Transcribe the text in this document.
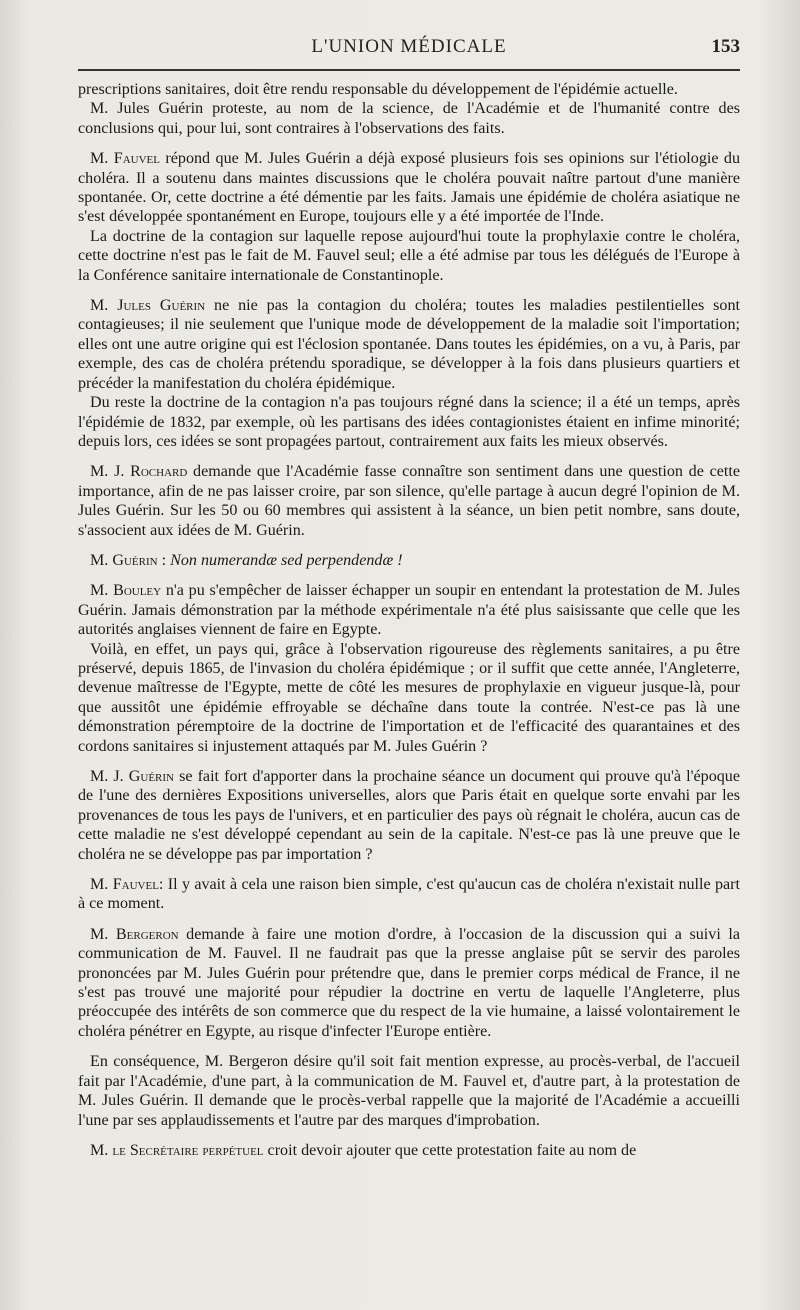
L'UNION MÉDICALE	153

prescriptions sanitaires, doit être rendu responsable du développement de l'épidémie actuelle.

M. Jules Guérin proteste, au nom de la science, de l'Académie et de l'humanité contre des conclusions qui, pour lui, sont contraires à l'observations des faits.

M. Fauvel répond que M. Jules Guérin a déjà exposé plusieurs fois ses opinions sur l'étiologie du choléra. Il a soutenu dans maintes discussions que le choléra pouvait naître partout d'une manière spontanée. Or, cette doctrine a été démentie par les faits. Jamais une épidémie de choléra asiatique ne s'est développée spontanément en Europe, toujours elle y a été importée de l'Inde.

La doctrine de la contagion sur laquelle repose aujourd'hui toute la prophylaxie contre le choléra, cette doctrine n'est pas le fait de M. Fauvel seul; elle a été admise par tous les délégués de l'Europe à la Conférence sanitaire internationale de Constantinople.

M. Jules Guérin ne nie pas la contagion du choléra; toutes les maladies pestilentielles sont contagieuses; il nie seulement que l'unique mode de développement de la maladie soit l'importation; elles ont une autre origine qui est l'éclosion spontanée. Dans toutes les épidémies, on a vu, à Paris, par exemple, des cas de choléra prétendu sporadique, se développer à la fois dans plusieurs quartiers et précéder la manifestation du choléra épidémique.

Du reste la doctrine de la contagion n'a pas toujours régné dans la science; il a été un temps, après l'épidémie de 1832, par exemple, où les partisans des idées contagionistes étaient en infime minorité; depuis lors, ces idées se sont propagées partout, contrairement aux faits les mieux observés.

M. J. Rochard demande que l'Académie fasse connaître son sentiment dans une question de cette importance, afin de ne pas laisser croire, par son silence, qu'elle partage à aucun degré l'opinion de M. Jules Guérin. Sur les 50 ou 60 membres qui assistent à la séance, un bien petit nombre, sans doute, s'associent aux idées de M. Guérin.

M. Guérin : Non numerandæ sed perpendendæ !

M. Bouley n'a pu s'empêcher de laisser échapper un soupir en entendant la protestation de M. Jules Guérin. Jamais démonstration par la méthode expérimentale n'a été plus saisissante que celle que les autorités anglaises viennent de faire en Egypte.

Voilà, en effet, un pays qui, grâce à l'observation rigoureuse des règlements sanitaires, a pu être préservé, depuis 1865, de l'invasion du choléra épidémique ; or il suffit que cette année, l'Angleterre, devenue maîtresse de l'Egypte, mette de côté les mesures de prophylaxie en vigueur jusque-là, pour que aussitôt une épidémie effroyable se déchaîne dans toute la contrée. N'est-ce pas là une démonstration péremptoire de la doctrine de l'importation et de l'efficacité des quarantaines et des cordons sanitaires si injustement attaqués par M. Jules Guérin ?

M. J. Guérin se fait fort d'apporter dans la prochaine séance un document qui prouve qu'à l'époque de l'une des dernières Expositions universelles, alors que Paris était en quelque sorte envahi par les provenances de tous les pays de l'univers, et en particulier des pays où régnait le choléra, aucun cas de cette maladie ne s'est développé cependant au sein de la capitale. N'est-ce pas là une preuve que le choléra ne se développe pas par importation ?

M. Fauvel: Il y avait à cela une raison bien simple, c'est qu'aucun cas de choléra n'existait nulle part à ce moment.

M. Bergeron demande à faire une motion d'ordre, à l'occasion de la discussion qui a suivi la communication de M. Fauvel. Il ne faudrait pas que la presse anglaise pût se servir des paroles prononcées par M. Jules Guérin pour prétendre que, dans le premier corps médical de France, il ne s'est pas trouvé une majorité pour répudier la doctrine en vertu de laquelle l'Angleterre, plus préoccupée des intérêts de son commerce que du respect de la vie humaine, a laissé volontairement le choléra pénétrer en Egypte, au risque d'infecter l'Europe entière.

En conséquence, M. Bergeron désire qu'il soit fait mention expresse, au procès-verbal, de l'accueil fait par l'Académie, d'une part, à la communication de M. Fauvel et, d'autre part, à la protestation de M. Jules Guérin. Il demande que le procès-verbal rappelle que la majorité de l'Académie a accueilli l'une par ses applaudissements et l'autre par des marques d'improbation.

M. le Secrétaire perpétuel croit devoir ajouter que cette protestation faite au nom de
